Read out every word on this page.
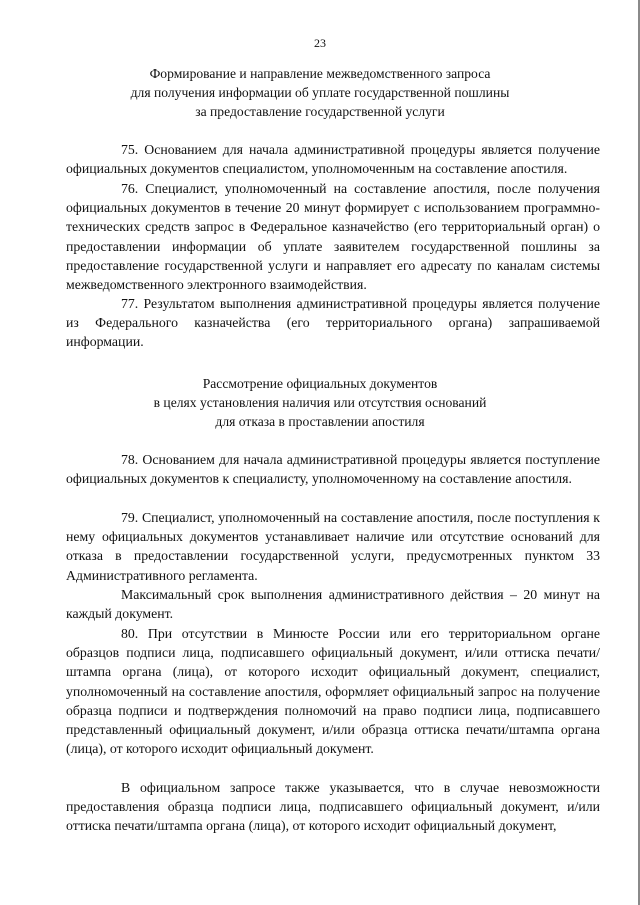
23
Формирование и направление межведомственного запроса
для получения информации об уплате государственной пошлины
за предоставление государственной услуги

75. Основанием для начала административной процедуры является получение официальных документов специалистом, уполномоченным на составление апостиля.

76. Специалист, уполномоченный на составление апостиля, после получения официальных документов в течение 20 минут формирует с использованием программно-технических средств запрос в Федеральное казначейство (его территориальный орган) о предоставлении информации об уплате заявителем государственной пошлины за предоставление государственной услуги и направляет его адресату по каналам системы межведомственного электронного взаимодействия.

77. Результатом выполнения административной процедуры является получение из Федерального казначейства (его территориального органа) запрашиваемой информации.

Рассмотрение официальных документов
в целях установления наличия или отсутствия оснований
для отказа в проставлении апостиля

78. Основанием для начала административной процедуры является поступление официальных документов к специалисту, уполномоченному на составление апостиля.

79. Специалист, уполномоченный на составление апостиля, после поступления к нему официальных документов устанавливает наличие или отсутствие оснований для отказа в предоставлении государственной услуги, предусмотренных пунктом 33 Административного регламента.

Максимальный срок выполнения административного действия – 20 минут на каждый документ.

80. При отсутствии в Минюсте России или его территориальном органе образцов подписи лица, подписавшего официальный документ, и/или оттиска печати/штампа органа (лица), от которого исходит официальный документ, специалист, уполномоченный на составление апостиля, оформляет официальный запрос на получение образца подписи и подтверждения полномочий на право подписи лица, подписавшего представленный официальный документ, и/или образца оттиска печати/штампа органа (лица), от которого исходит официальный документ.

В официальном запросе также указывается, что в случае невозможности предоставления образца подписи лица, подписавшего официальный документ, и/или оттиска печати/штампа органа (лица), от которого исходит официальный документ,
